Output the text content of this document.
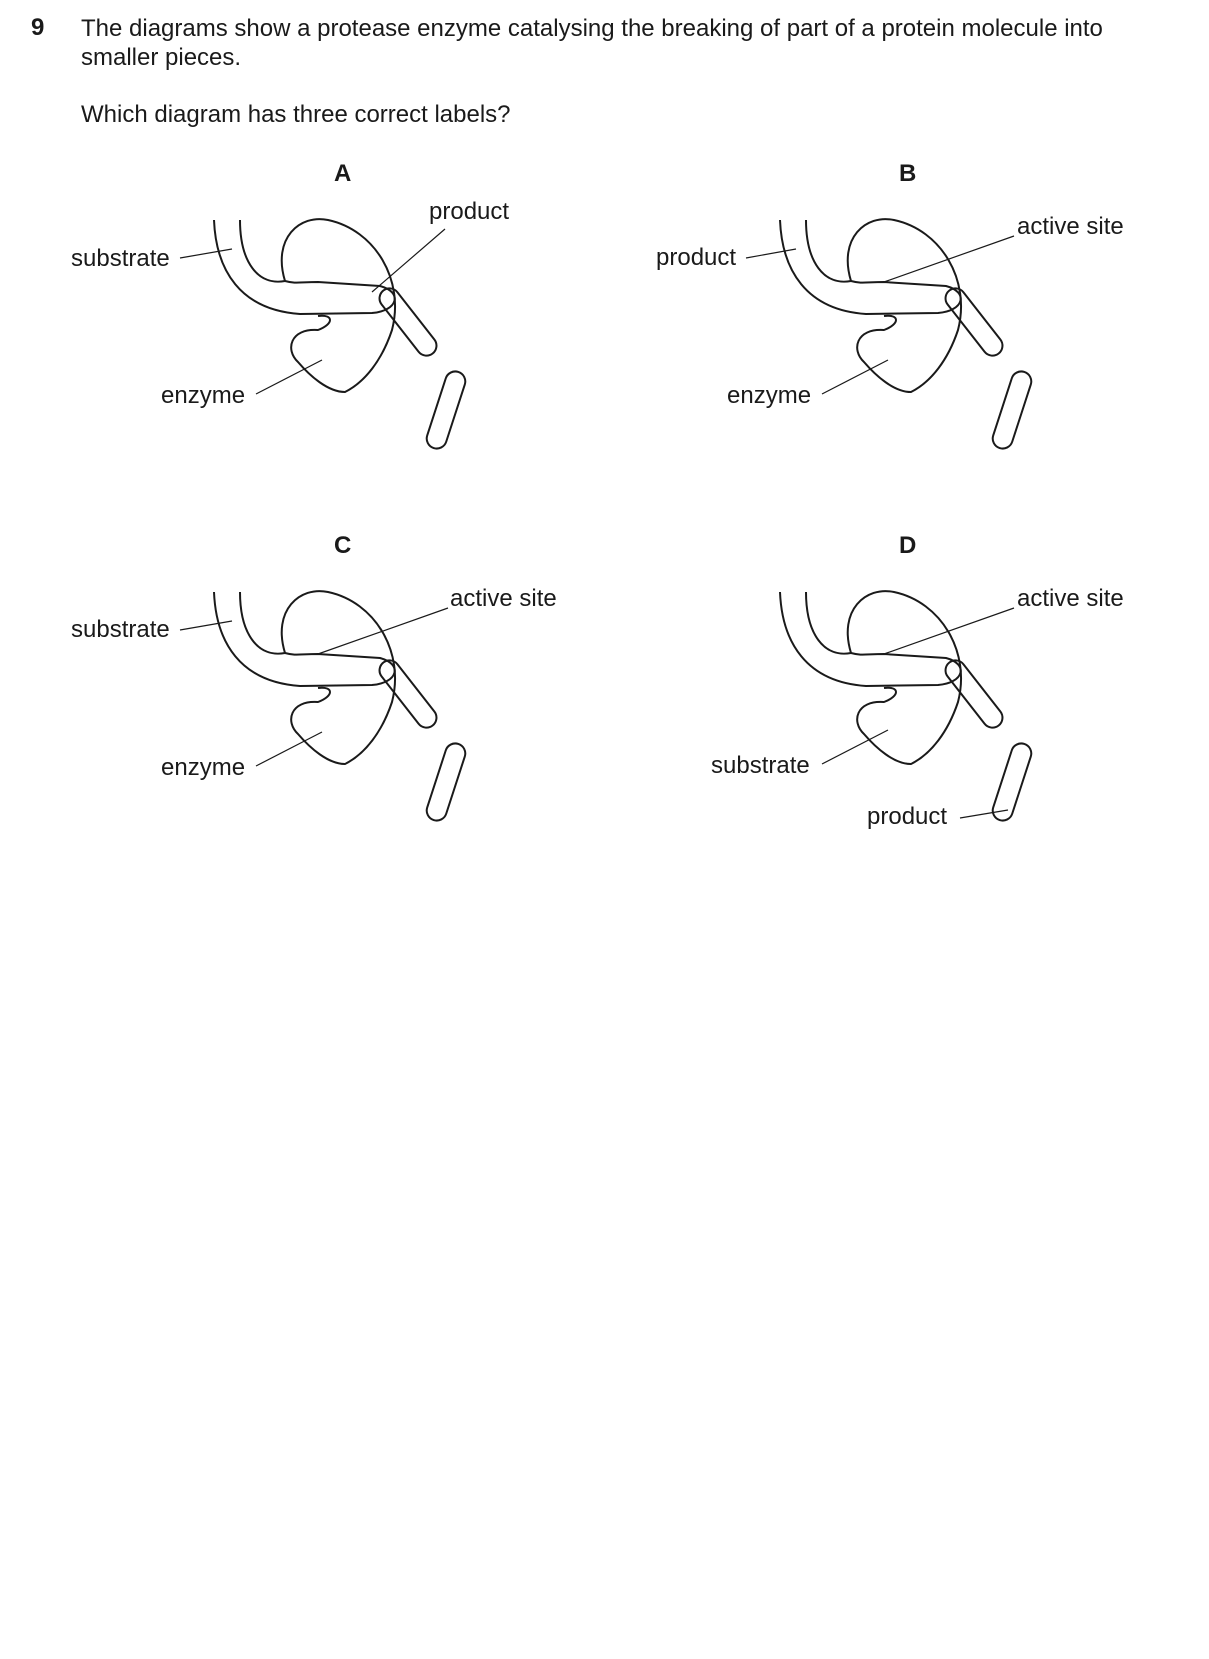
9 The diagrams show a protease enzyme catalysing the breaking of part of a protein molecule into smaller pieces.
Which diagram has three correct labels?
A
substrate
product
enzyme
B
product
active site
enzyme
C
substrate
active site
enzyme
D
active site
substrate
product
